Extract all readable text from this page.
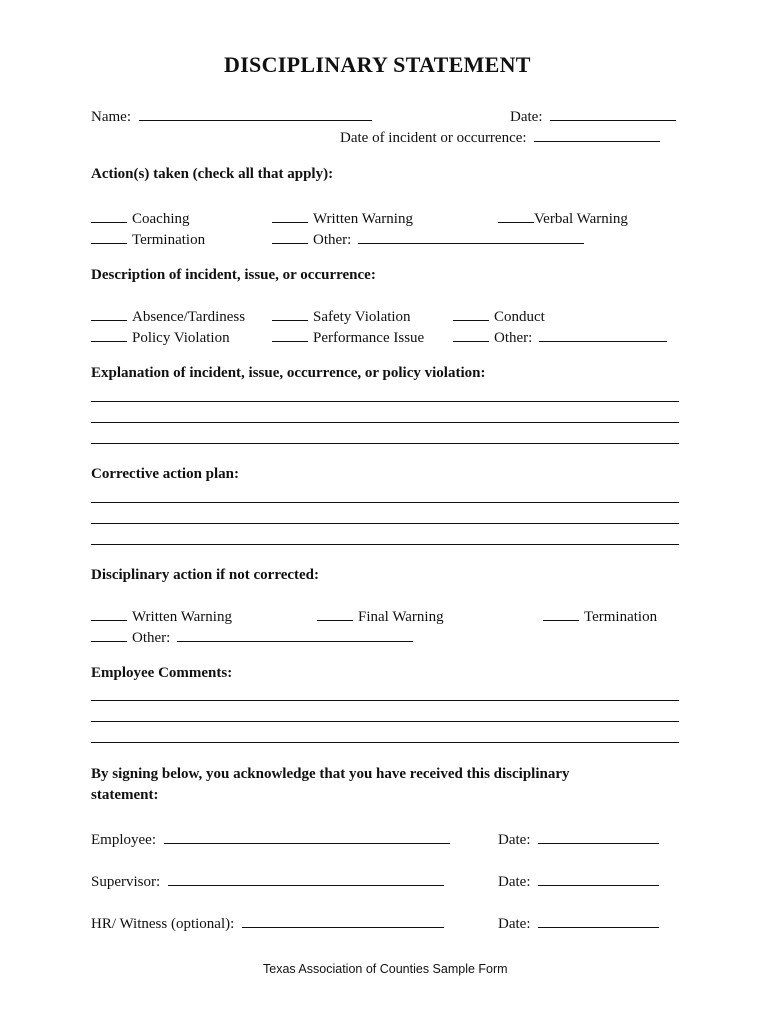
DISCIPLINARY STATEMENT
Name:	Date:
Date of incident or occurrence:
Action(s) taken (check all that apply):
Coaching	Written Warning	Verbal Warning
Termination	Other:
Description of incident, issue, or occurrence:
Absence/Tardiness	Safety Violation	Conduct
Policy Violation	Performance Issue	Other:
Explanation of incident, issue, occurrence, or policy violation:
Corrective action plan:
Disciplinary action if not corrected:
Written Warning	Final Warning	Termination
Other:
Employee Comments:
By signing below, you acknowledge that you have received this disciplinary
statement:
Employee:	Date:
Supervisor:	Date:
HR/ Witness (optional):	Date:
Texas Association of Counties Sample Form
